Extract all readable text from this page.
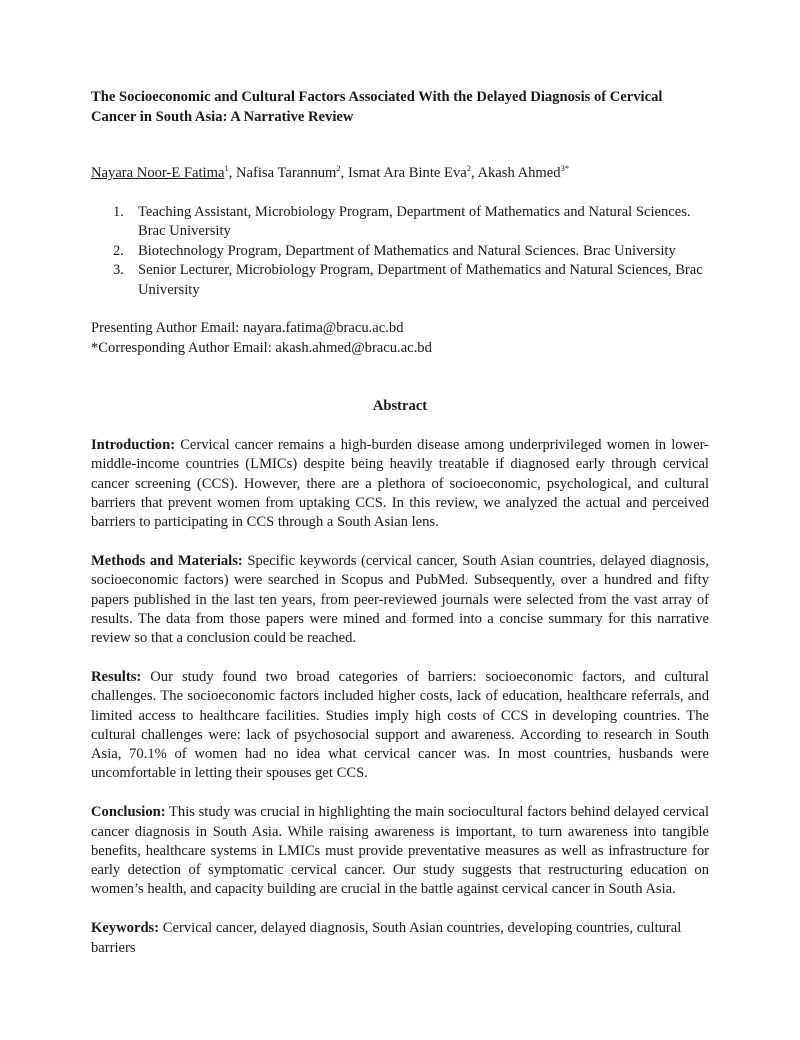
The Socioeconomic and Cultural Factors Associated With the Delayed Diagnosis of Cervical Cancer in South Asia: A Narrative Review
Nayara Noor-E Fatima$^1$, Nafisa Tarannum$^2$, Ismat Ara Binte Eva$^2$, Akash Ahmed$^{3*}$
1. Teaching Assistant, Microbiology Program, Department of Mathematics and Natural Sciences. Brac University
2. Biotechnology Program, Department of Mathematics and Natural Sciences. Brac University
3. Senior Lecturer, Microbiology Program, Department of Mathematics and Natural Sciences, Brac University
Presenting Author Email: nayara.fatima@bracu.ac.bd
*Corresponding Author Email: akash.ahmed@bracu.ac.bd
Abstract

Introduction: Cervical cancer remains a high-burden disease among underprivileged women in lower-middle-income countries (LMICs) despite being heavily treatable if diagnosed early through cervical cancer screening (CCS). However, there are a plethora of socioeconomic, psychological, and cultural barriers that prevent women from uptaking CCS. In this review, we analyzed the actual and perceived barriers to participating in CCS through a South Asian lens.

Methods and Materials: Specific keywords (cervical cancer, South Asian countries, delayed diagnosis, socioeconomic factors) were searched in Scopus and PubMed. Subsequently, over a hundred and fifty papers published in the last ten years, from peer-reviewed journals were selected from the vast array of results. The data from those papers were mined and formed into a concise summary for this narrative review so that a conclusion could be reached.

Results: Our study found two broad categories of barriers: socioeconomic factors, and cultural challenges. The socioeconomic factors included higher costs, lack of education, healthcare referrals, and limited access to healthcare facilities. Studies imply high costs of CCS in developing countries. The cultural challenges were: lack of psychosocial support and awareness. According to research in South Asia, 70.1% of women had no idea what cervical cancer was. In most countries, husbands were uncomfortable in letting their spouses get CCS.

Conclusion: This study was crucial in highlighting the main sociocultural factors behind delayed cervical cancer diagnosis in South Asia. While raising awareness is important, to turn awareness into tangible benefits, healthcare systems in LMICs must provide preventative measures as well as infrastructure for early detection of symptomatic cervical cancer. Our study suggests that restructuring education on women’s health, and capacity building are crucial in the battle against cervical cancer in South Asia.

Keywords: Cervical cancer, delayed diagnosis, South Asian countries, developing countries, cultural barriers
